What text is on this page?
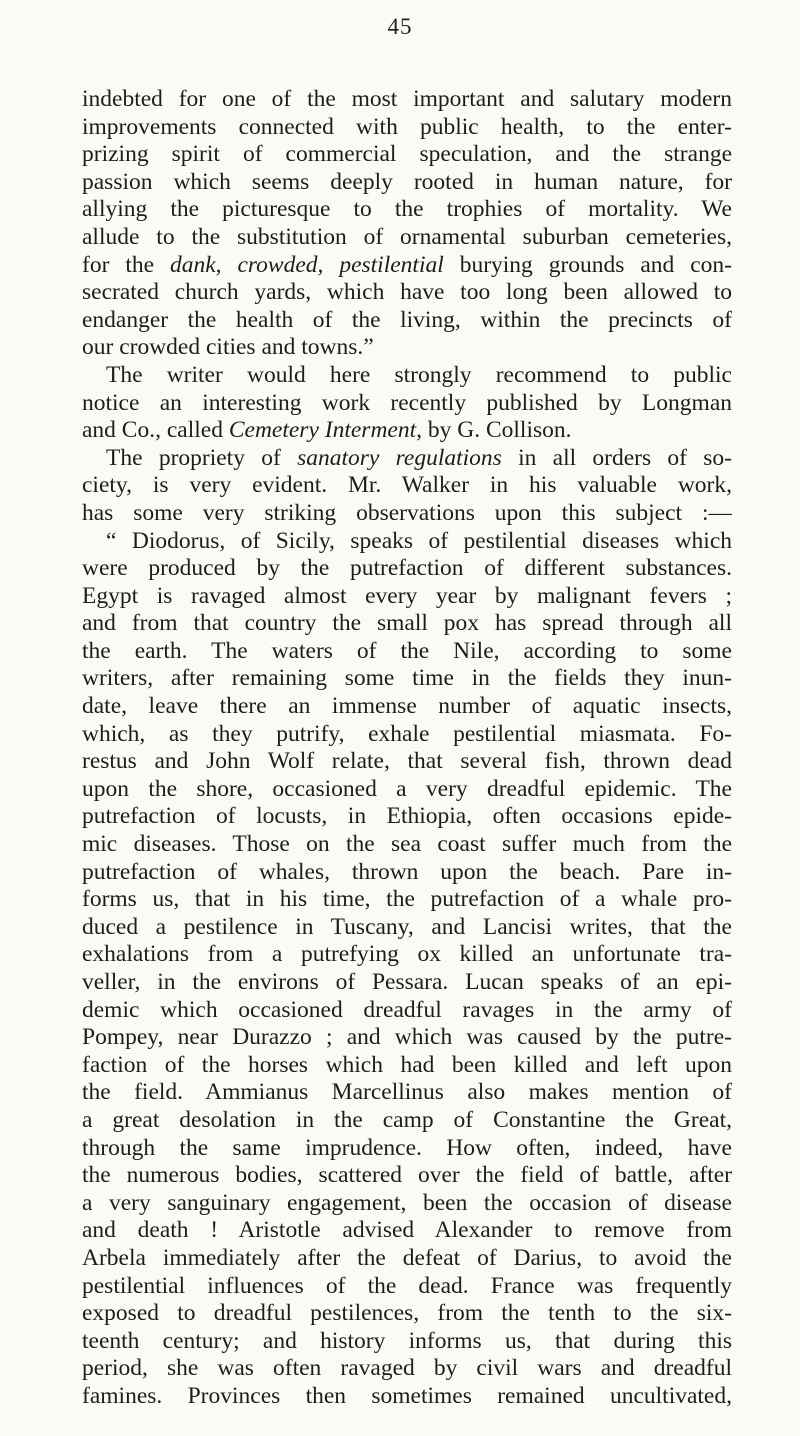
45
indebted for one of the most important and salutary modern
improvements connected with public health, to the enter-
prizing spirit of commercial speculation, and the strange
passion which seems deeply rooted in human nature, for
allying the picturesque to the trophies of mortality. We
allude to the substitution of ornamental suburban cemeteries,
for the dank, crowded, pestilential burying grounds and con-
secrated church yards, which have too long been allowed to
endanger the health of the living, within the precincts of
our crowded cities and towns.”
The writer would here strongly recommend to public
notice an interesting work recently published by Longman
and Co., called Cemetery Interment, by G. Collison.
The propriety of sanatory regulations in all orders of so-
ciety, is very evident. Mr. Walker in his valuable work,
has some very striking observations upon this subject :—
“ Diodorus, of Sicily, speaks of pestilential diseases which
were produced by the putrefaction of different substances.
Egypt is ravaged almost every year by malignant fevers ;
and from that country the small pox has spread through all
the earth. The waters of the Nile, according to some
writers, after remaining some time in the fields they inun-
date, leave there an immense number of aquatic insects,
which, as they putrify, exhale pestilential miasmata. Fo-
restus and John Wolf relate, that several fish, thrown dead
upon the shore, occasioned a very dreadful epidemic. The
putrefaction of locusts, in Ethiopia, often occasions epide-
mic diseases. Those on the sea coast suffer much from the
putrefaction of whales, thrown upon the beach. Pare in-
forms us, that in his time, the putrefaction of a whale pro-
duced a pestilence in Tuscany, and Lancisi writes, that the
exhalations from a putrefying ox killed an unfortunate tra-
veller, in the environs of Pessara. Lucan speaks of an epi-
demic which occasioned dreadful ravages in the army of
Pompey, near Durazzo ; and which was caused by the putre-
faction of the horses which had been killed and left upon
the field. Ammianus Marcellinus also makes mention of
a great desolation in the camp of Constantine the Great,
through the same imprudence. How often, indeed, have
the numerous bodies, scattered over the field of battle, after
a very sanguinary engagement, been the occasion of disease
and death ! Aristotle advised Alexander to remove from
Arbela immediately after the defeat of Darius, to avoid the
pestilential influences of the dead. France was frequently
exposed to dreadful pestilences, from the tenth to the six-
teenth century; and history informs us, that during this
period, she was often ravaged by civil wars and dreadful
famines. Provinces then sometimes remained uncultivated,
